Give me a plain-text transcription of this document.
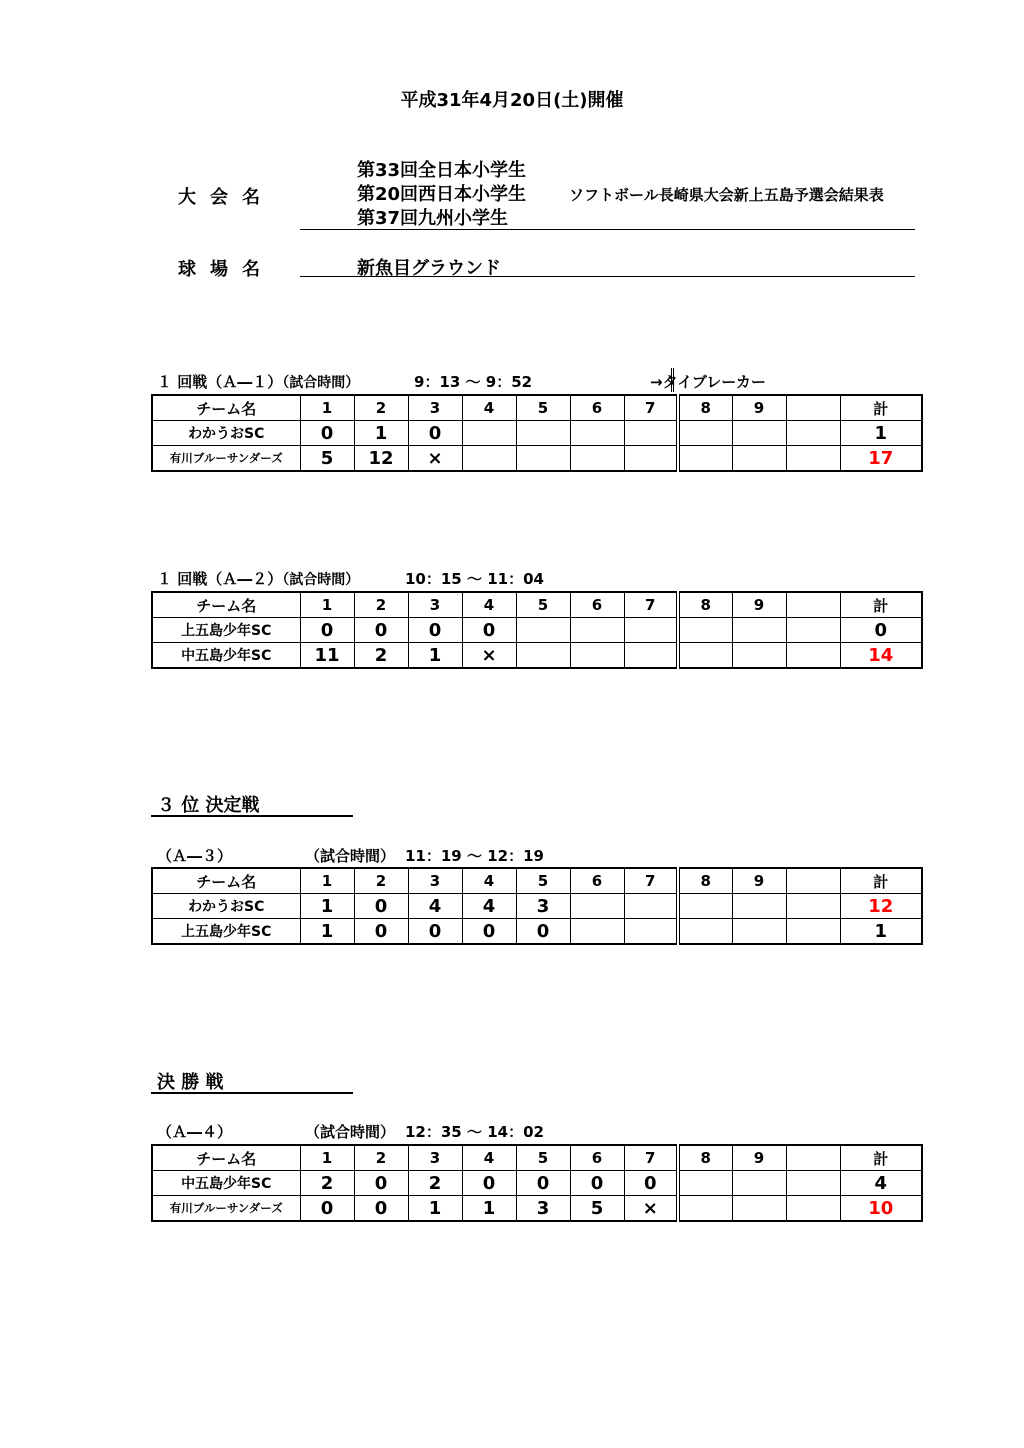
平成31年4月20日(土)開催
大会名
第33回全日本小学生
第20回西日本小学生
第37回九州小学生
ソフトボール長崎県大会新上五島予選会結果表
球場名	新魚目グラウンド
１ 回戦（Ａ―１）（試合時間）	9：13 ～ 9：52	→タイブレーカー
チーム名	1	2	3	4	5	6	7	8	9		計
わかうおSC	0	1	0								1
有川ブルーサンダーズ	5	12	×								17
１ 回戦（Ａ―２）（試合時間）	10：15 ～ 11：04
チーム名	1	2	3	4	5	6	7	8	9		計
上五島少年SC	0	0	0	0							0
中五島少年SC	11	2	1	×							14
３ 位 決定戦
（Ａ―３）	（試合時間） 11：19 ～ 12：19
チーム名	1	2	3	4	5	6	7	8	9		計
わかうおSC	1	0	4	4	3						12
上五島少年SC	1	0	0	0	0						1
決 勝 戦
（Ａ―４）	（試合時間） 12：35 ～ 14：02
チーム名	1	2	3	4	5	6	7	8	9		計
中五島少年SC	2	0	2	0	0	0	0				4
有川ブルーサンダーズ	0	0	1	1	3	5	×				10
